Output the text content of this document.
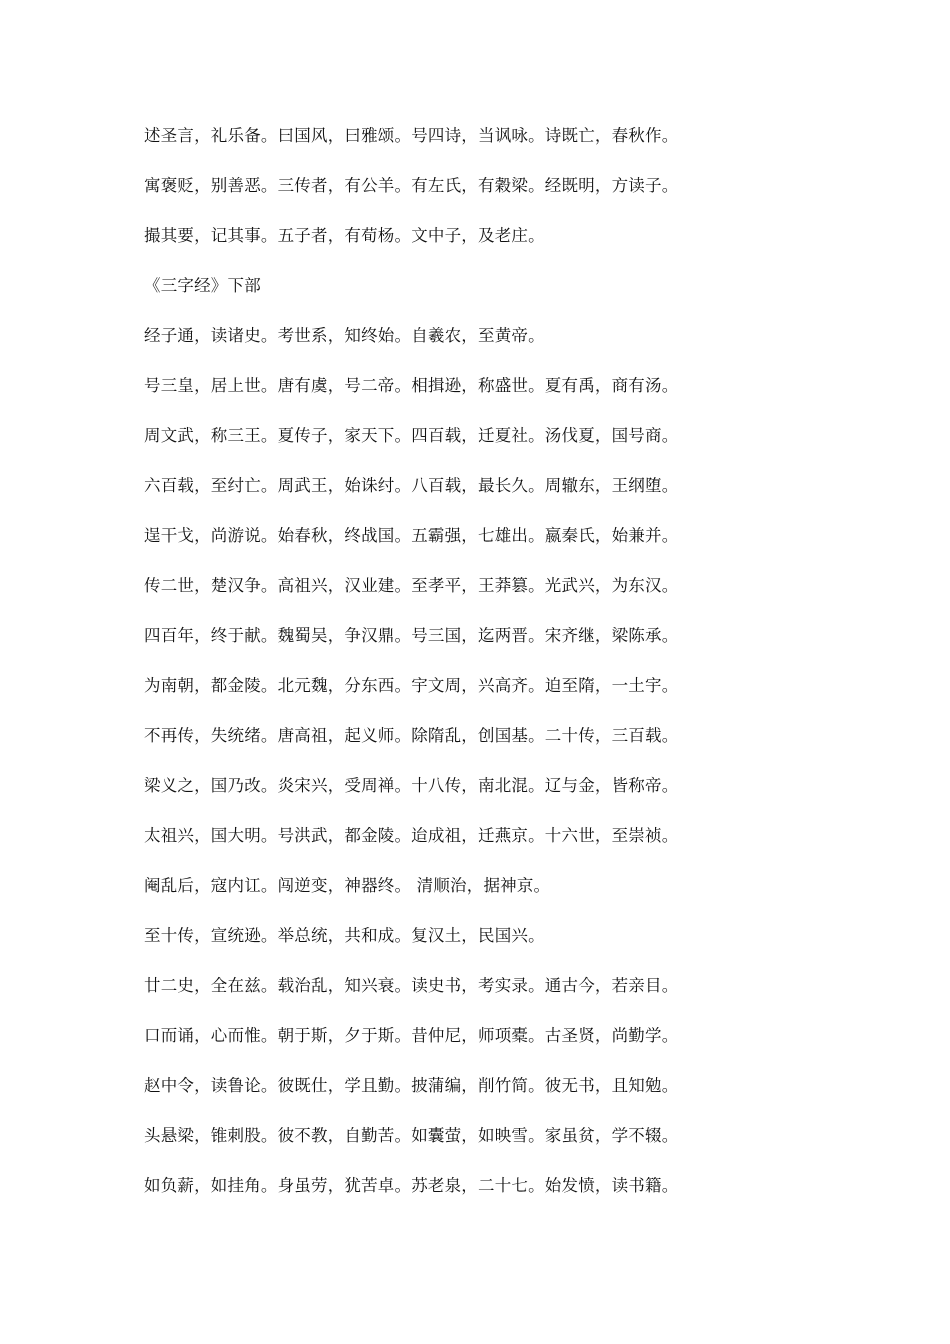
述圣言，礼乐备。曰国风，曰雅颂。号四诗，当讽咏。诗既亡，春秋作。
寓褒贬，别善恶。三传者，有公羊。有左氏，有穀梁。经既明，方读子。
撮其要，记其事。五子者，有荀杨。文中子，及老庄。
《三字经》下部
经子通，读诸史。考世系，知终始。自羲农，至黄帝。
号三皇，居上世。唐有虞，号二帝。相揖逊，称盛世。夏有禹，商有汤。
周文武，称三王。夏传子，家天下。四百载，迁夏社。汤伐夏，国号商。
六百载，至纣亡。周武王，始诛纣。八百载，最长久。周辙东，王纲堕。
逞干戈，尚游说。始春秋，终战国。五霸强，七雄出。嬴秦氏，始兼并。
传二世，楚汉争。高祖兴，汉业建。至孝平，王莽篡。光武兴，为东汉。
四百年，终于献。魏蜀吴，争汉鼎。号三国，迄两晋。宋齐继，梁陈承。
为南朝，都金陵。北元魏，分东西。宇文周，兴高齐。迫至隋，一土宇。
不再传，失统绪。唐高祖，起义师。除隋乱，创国基。二十传，三百载。
梁义之，国乃改。炎宋兴，受周禅。十八传，南北混。辽与金，皆称帝。
太祖兴，国大明。号洪武，都金陵。迨成祖，迁燕京。十六世，至崇祯。
阉乱后，寇内讧。闯逆变，神器终。 清顺治，据神京。
至十传，宣统逊。举总统，共和成。复汉土，民国兴。
廿二史，全在兹。载治乱，知兴衰。读史书，考实录。通古今，若亲目。
口而诵，心而惟。朝于斯，夕于斯。昔仲尼，师项橐。古圣贤，尚勤学。
赵中令，读鲁论。彼既仕，学且勤。披蒲编，削竹简。彼无书，且知勉。
头悬梁，锥刺股。彼不教，自勤苦。如囊萤，如映雪。家虽贫，学不辍。
如负薪，如挂角。身虽劳，犹苦卓。苏老泉，二十七。始发愤，读书籍。
